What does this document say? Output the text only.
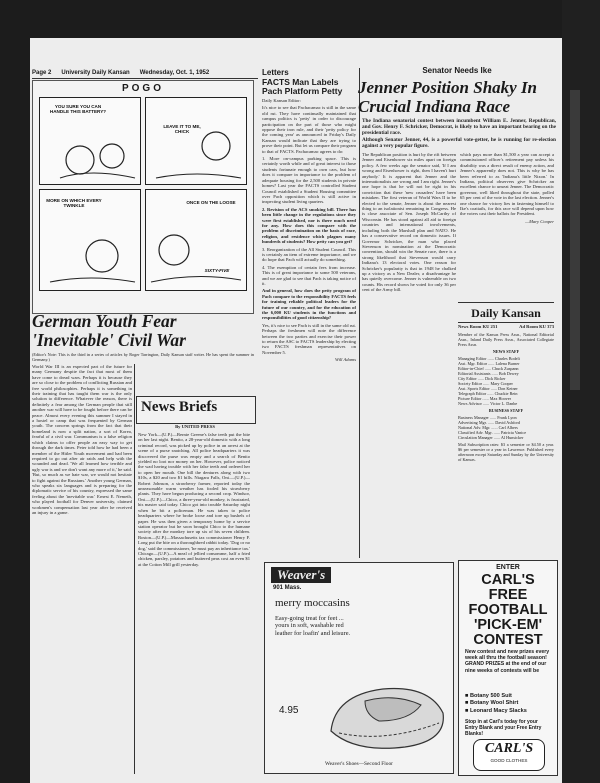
Page 2 University Daily Kansan Wednesday, Oct. 1, 1952
POGO
YOU SURE YOU CAN HANDLE THIS BATTERY?
LEAVE IT TO ME, CHICK
MORE ON WHICH EVERY TWINKLE
ONCE ON THE LOOSE
SIXTY-FIVE
German Youth Fear 'Inevitable' Civil War
(Editor's Note: This is the third in a series of articles by Roger Tarrington, Daily Kansan staff writer. He has spent the summer in Germany.)

World War III is an expected part of the future for many Germany despite the fact that most of them have come to dread wars. Perhaps it is because they are so close to the problem of conflicting Russian and free world philosophies. Perhaps it is something in their training that has taught them war is the only solution to difference. Whatever the reason, there is definitely a fear among the German people that still another war will have to be fought before there can be peace. Almost every evening this summer I stayed in a hostel or camp that was frequented by German youth. The concern springs from the fact that their homeland is now a split nation, a sort of Korea, fearful of a civil war. Communism is a false religion which claims to offer people an easy way to get through the dark times. Peter told how he had been a member of the Hitler Youth movement and had been required to go out after air raids and help with the wounded and dead. 'We all learned how terrible and ugly war is and we don't want any more of it,' he said. 'But, so much as we hate war, we would not hesitate to fight against the Russians.' Another young German, who speaks six languages and is preparing for the diplomatic service of his country, expressed the same feeling about the 'inevitable war.' Ernest E. Nemeth, who played football for Denver university, claimed workmen's compensation last year after he received an injury in a game.

News Briefs
By UNITED PRESS

New York—(U.P.)—Bernie Greene's false teeth put the bite on her last night. Benito, a 28-year-old domestic with a long criminal record, was picked up by police in an arrest at the scene of a purse snatching. All police headquarters it was discovered the purse was empty and a search of Benito yielded no loot nor money on her. However, police noticed the wad having trouble with her false teeth and ordered her to open her mouth. One bill the dentures along with two $10s, a $20 and two $1 bills. Niagara Falls, Ont.—(U.P.)—Robert Johnson, a strawberry farmer, reported today the unseasonable warm weather has fooled his strawberry plants. They have begun producing a second crop. Windsor, Ont.—(U.P.)—Chico, a three-year-old monkey, is frustrated, his master said today. Chico got into trouble Saturday night when he bit a policeman. He was taken to police headquarters where he broke loose and tore up bushels of paper. He was then given a temporary home by a service station operator but he soon brought Chico to the humane society after the monkey tore up six of his seven children. Boston—(U.P.)—Massachusetts tax commissioner Henry F. Long put the bite on a thoroughbred rabbit today. 'Dog or no dog,' said the commissioner, 'he must pay an inheritance tax.' Chicago—(U.P.)—A meal of jellied consomme, half a fried chicken, parsley, potatoes and buttered peas cost an even $1 at the Cotton Mill grill yesterday.

Letters
FACTS Man Labels Pach Platform Petty

Daily Kansan Editor:

It's nice to see that Pachacamac is still in the same old rut. They have continually maintained that campus politics is 'petty' in order to discourage participation on the part of those who might oppose their iron rule, and their 'petty policy for the coming year' as announced in Friday's Daily Kansan would indicate that they are trying to prove their point. But let us compare their program to that of FACTS. Pachacamac agrees to do:

1. More on-campus parking space. This is certainly worth while and of great interest to those students fortunate enough to own cars, but how does it compare in importance to the problem of adequate housing for the 2,500 students in private homes? Last year the FACTS controlled Student Council established a Student Housing committee over Pach opposition which is still active in inspecting student living quarters.

2. Revision of the ACS smoking bill. There has been little change in the regulations since they were first established, nor is there much need for any. How does this compare with the problem of discrimination on the basis of race, religion, and residence which plagues many hundreds of students? How petty can you get?

3. Reorganization of the All Student Council. This is certainly an item of extreme importance, and we do hope that Pach will actually do something.

4. The exemption of certain fees from increase. This is of great importance to some 500 veterans, and we are glad to see that Pach is taking notice of it.

And in general, how does the petty program of Pach compare to the responsibility FACTS feels for training reliable political leaders for the future of our country, and for the education of the 6,000 KU students in the functions and responsibilities of good citizenship?

Yes, it's nice to see Pach is still in the same old rut. Perhaps the freshmen will note the difference between the two parties and exercise their power to return the ASC to FACTS leadership by electing two FACTS freshman representatives on November 5.

Will Adams

Senator Needs Ike
Jenner Position Shaky In Crucial Indiana Race
The Indiana senatorial contest between incumbent William E. Jenner, Republican, and Gov. Henry F. Schricker, Democrat, is likely to have an important bearing on the presidential race.
Although Senator Jenner, 44, is a powerful vote-getter, he is running for re-election against a very popular figure.

The Republican position is hurt by the rift between Jenner and Eisenhower six miles apart on foreign policy. A few weeks ago the senator said, 'If I am wrong and Eisenhower is right, then I haven't hurt anybody.' It is apparent that Jenner and the internationalists are wrong and I am right. Jenner's one hope is that he will not be right in his conviction that these 'new crusaders' have been mistaken. The first veteran of World Wars II to be elected to the senate, Jenner is about the nearest thing to an isolationist remaining in Congress. He is close associate of Sen. Joseph McCarthy of Wisconsin. He has stood against all aid to foreign countries and international involvements, including both the Marshall plan and NATO. He has a conservative record on domestic issues. If Governor Schricker, the man who placed Stevenson in nomination at the Democratic convention, should win the Senate race, there is a strong likelihood that Stevenson would carry Indiana's 13 electoral votes. One reason for Schricker's popularity is that in 1948 he chalked up a victory as a New Dealer, a disadvantage he has quietly overcome. Jenner is vulnerable on two counts. His record shows he voted for only 36 per cent of the Army bill.

which pays more than $1,500 a year can accept a commissioned officer's retirement pay unless his disability was a direct result of enemy action, and Jenner's apparently does not. This is why be has been referred to as 'Indiana's little Nixon.' In Indiana, political observers give Schricker an excellent chance to unseat Jenner. The Democratic governor, well liked throughout the state, polled 65 per cent of the vote in the last election. Jenner's one chance for victory lies in fastening himself to Ike's coattails, for this race will depend upon how the voters cast their ballots for President.

—Mary Cooper

Daily Kansan
News Room KU 251	Ad Room KU 373

Member of the Kansas Press Assn., National Editorial Assn., Inland Daily Press Assn., Associated Collegiate Press Assn.

NEWS STAFF

Managing Editor ...... Charles Bodeli
Asst. Mgr. Editor ...... Lalena Burner
Editor-in-Chief ...... Chuck Zuspann
Editorial Assistants ...... Bob Dewey
City Editor ...... Dick Ricker
Society Editor ...... Mary Cooper
Asst. Sports Editor ...... Don Keiner
Telegraph Editor ...... Chuckie Rein
Picture Editor ...... Max Hoover
News Advisor ...... Victor L. Danbe

BUSINESS STAFF

Business Manager ...... Frank Lyon
Advertising Mgr. ...... David Ashford
National Adv. Mgr. ...... Carl Albers
Classified Adv. Mgr. ...... Patricia Vanice
Circulation Manager ...... Al Hunsicker

Mail Subscription rates: $3 a semester or $4.50 a year. $6 per semester or a year in Lawrence. Published every afternoon except Saturday and Sunday by the University of Kansas.

Weaver's
901 Mass.
merry moccasins
Easy-going treat for feet ... yours in soft, washable red leather for loafin' and leisure.
4.95
Weaver's Shoes—Second Floor
ENTER
CARL'S FREE FOOTBALL 'PICK-EM' CONTEST
New contest and new prizes every week all thru the football season! GRAND PRIZES at the end of our nine weeks of contests will be
■ Botany 500 Suit
■ Botany Wool Shirt
■ Leonard Macy Slacks
Stop in at Carl's today for your Entry Blank and your Free Entry Blanks!
CARL'S
GOOD CLOTHES
